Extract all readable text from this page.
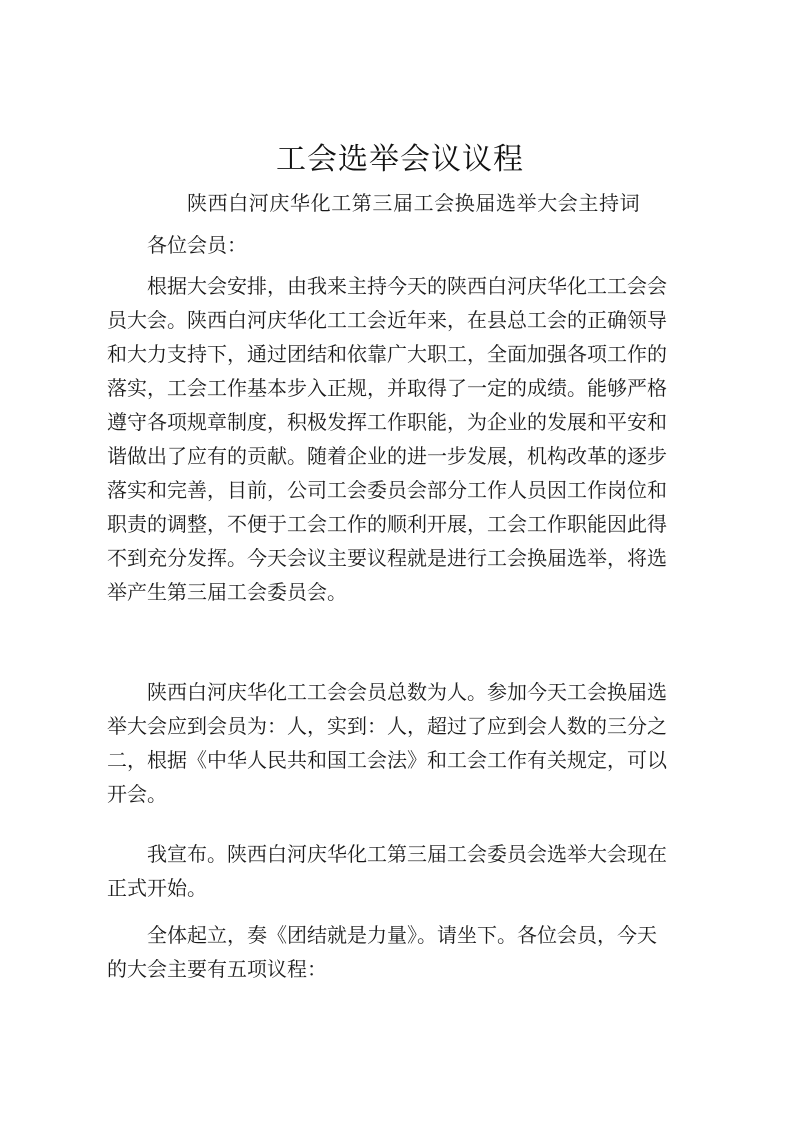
工会选举会议议程
陕西白河庆华化工第三届工会换届选举大会主持词
各位会员：
根据大会安排，由我来主持今天的陕西白河庆华化工工会会
员大会。陕西白河庆华化工工会近年来，在县总工会的正确领导
和大力支持下，通过团结和依靠广大职工，全面加强各项工作的
落实，工会工作基本步入正规，并取得了一定的成绩。能够严格
遵守各项规章制度，积极发挥工作职能，为企业的发展和平安和
谐做出了应有的贡献。随着企业的进一步发展，机构改革的逐步
落实和完善，目前，公司工会委员会部分工作人员因工作岗位和
职责的调整，不便于工会工作的顺利开展，工会工作职能因此得
不到充分发挥。今天会议主要议程就是进行工会换届选举，将选
举产生第三届工会委员会。
陕西白河庆华化工工会会员总数为人。参加今天工会换届选
举大会应到会员为：人，实到：人，超过了应到会人数的三分之
二，根据《中华人民共和国工会法》和工会工作有关规定，可以
开会。
我宣布。陕西白河庆华化工第三届工会委员会选举大会现在
正式开始。
全体起立，奏《团结就是力量》。请坐下。各位会员，今天
的大会主要有五项议程：
